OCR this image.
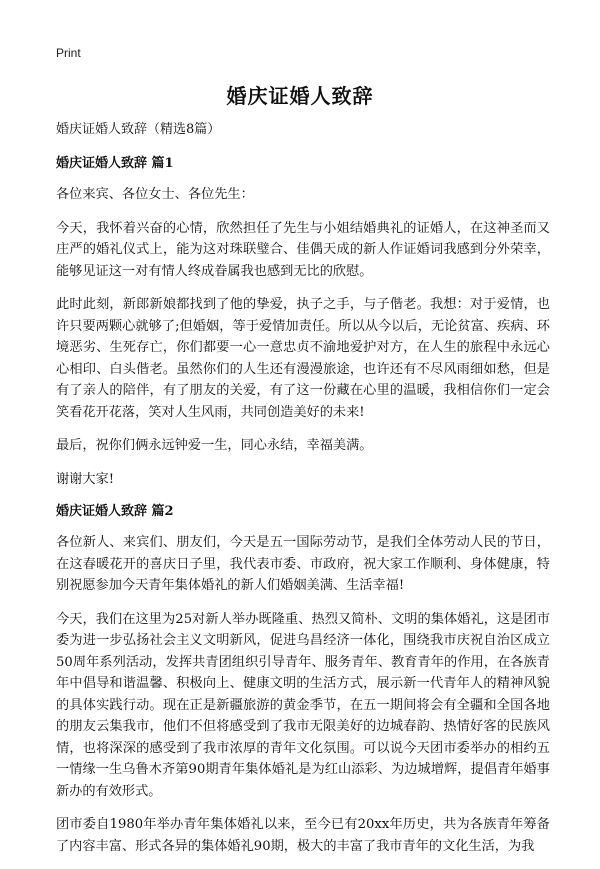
Print
婚庆证婚人致辞
婚庆证婚人致辞（精选8篇）
婚庆证婚人致辞 篇1

各位来宾、各位女士、各位先生：

今天，我怀着兴奋的心情，欣然担任了先生与小姐结婚典礼的证婚人，在这神圣而又庄严的婚礼仪式上，能为这对珠联璧合、佳偶天成的新人作证婚词我感到分外荣幸，能够见证这一对有情人终成眷属我也感到无比的欣慰。

此时此刻，新郎新娘都找到了他的挚爱，执子之手，与子偕老。我想：对于爱情，也许只要两颗心就够了;但婚姻，等于爱情加责任。所以从今以后，无论贫富、疾病、环境恶劣、生死存亡，你们都要一心一意忠贞不渝地爱护对方，在人生的旅程中永远心心相印、白头偕老。虽然你们的人生还有漫漫旅途，也许还有不尽风雨细如愁，但是有了亲人的陪伴，有了朋友的关爱，有了这一份藏在心里的温暖，我相信你们一定会笑看花开花落，笑对人生风雨，共同创造美好的未来!

最后，祝你们俩永远钟爱一生，同心永结，幸福美满。

谢谢大家!

婚庆证婚人致辞 篇2

各位新人、来宾们、朋友们，今天是五一国际劳动节，是我们全体劳动人民的节日，在这春暖花开的喜庆日子里，我代表市委、市政府，祝大家工作顺利、身体健康，特别祝愿参加今天青年集体婚礼的新人们婚姻美满、生活幸福!

今天，我们在这里为25对新人举办既隆重、热烈又简朴、文明的集体婚礼，这是团市委为进一步弘扬社会主义文明新风，促进乌昌经济一体化，围绕我市庆祝自治区成立50周年系列活动，发挥共青团组织引导青年、服务青年、教育青年的作用，在各族青年中倡导和谐温馨、积极向上、健康文明的生活方式，展示新一代青年人的精神风貌的具体实践行动。现在正是新疆旅游的黄金季节，在五一期间将会有全疆和全国各地的朋友云集我市，他们不但将感受到了我市无限美好的边城春韵、热情好客的民族风情，也将深深的感受到了我市浓厚的青年文化氛围。可以说今天团市委举办的相约五一情缘一生乌鲁木齐第90期青年集体婚礼是为红山添彩、为边城增辉，提倡青年婚事新办的有效形式。

团市委自1980年举办青年集体婚礼以来，至今已有20xx年历史，共为各族青年筹备了内容丰富、形式各异的集体婚礼90期，极大的丰富了我市青年的文化生活，为我
